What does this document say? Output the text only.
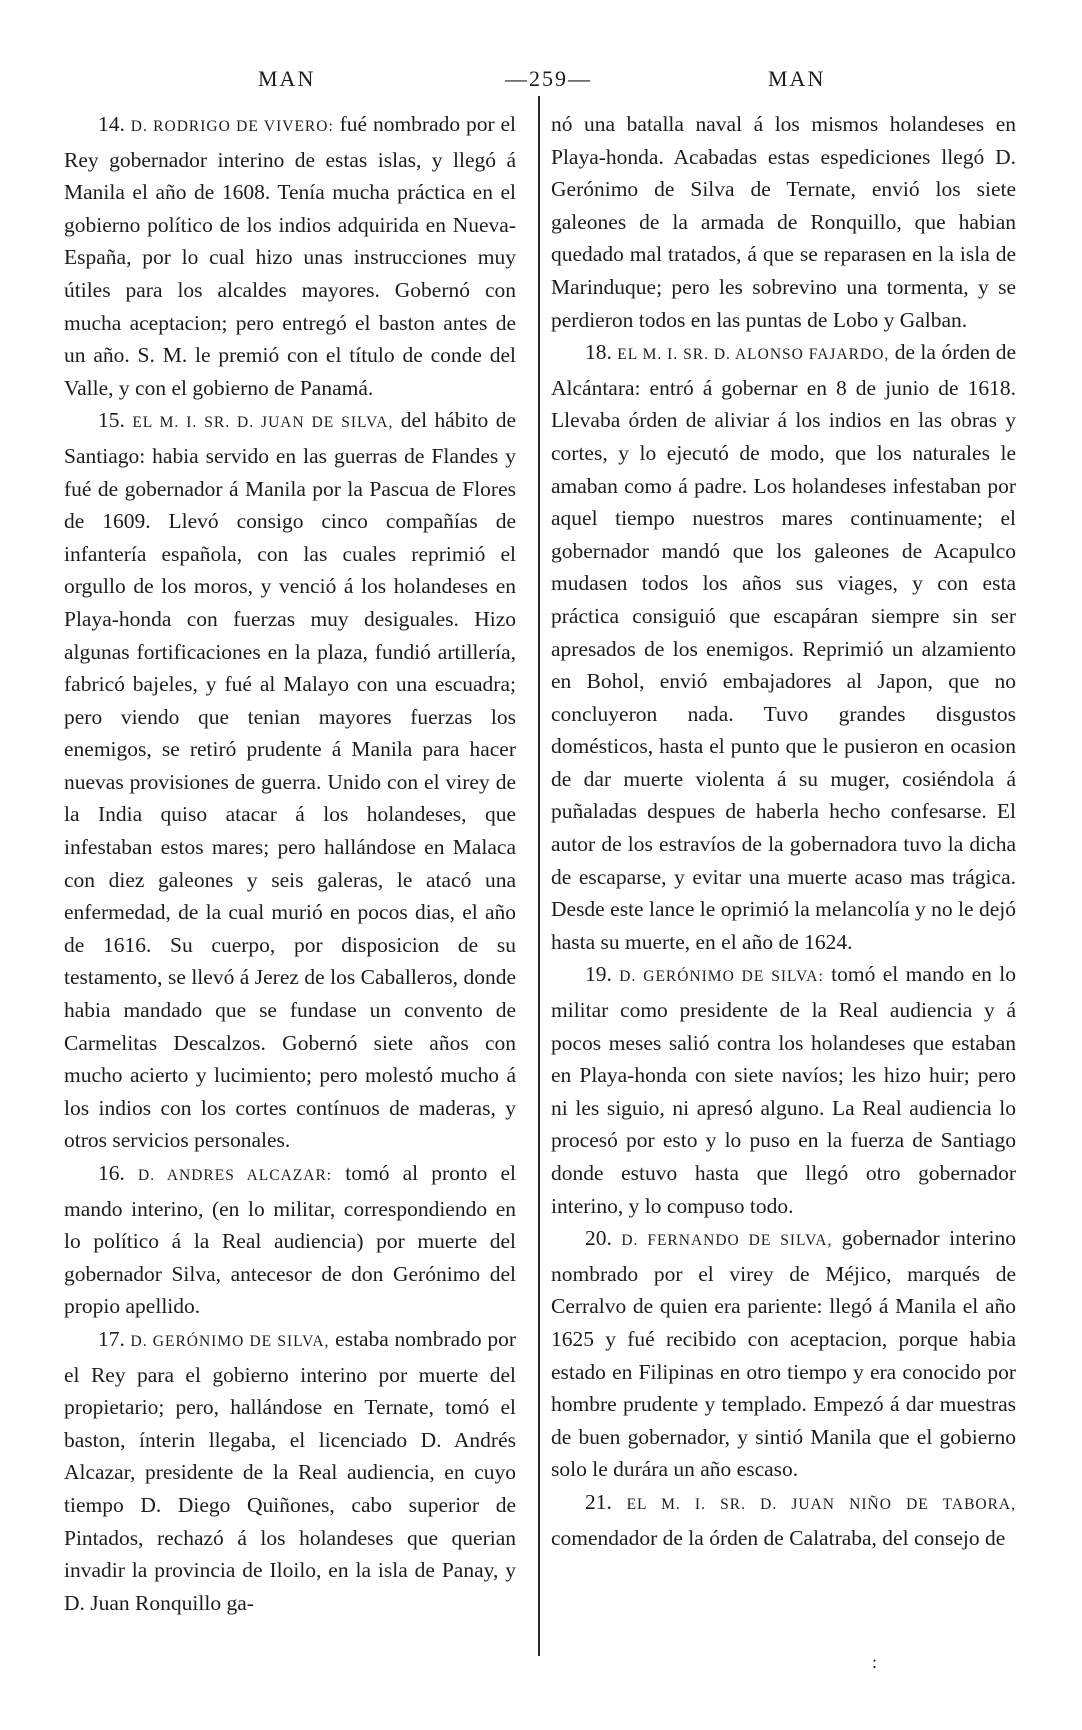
MAN	—259—	MAN

14. D. RODRIGO DE VIVERO: fué nombrado por el Rey gobernador interino de estas islas, y llegó á Manila el año de 1608. Tenía mucha práctica en el gobierno político de los indios adquirida en Nueva-España, por lo cual hizo unas instrucciones muy útiles para los alcaldes mayores. Gobernó con mucha aceptacion; pero entregó el baston antes de un año. S. M. le premió con el título de conde del Valle, y con el gobierno de Panamá.

15. EL M. I. SR. D. JUAN DE SILVA, del hábito de Santiago: habia servido en las guerras de Flandes y fué de gobernador á Manila por la Pascua de Flores de 1609. Llevó consigo cinco compañías de infantería española, con las cuales reprimió el orgullo de los moros, y venció á los holandeses en Playa-honda con fuerzas muy desiguales. Hizo algunas fortificaciones en la plaza, fundió artillería, fabricó bajeles, y fué al Malayo con una escuadra; pero viendo que tenian mayores fuerzas los enemigos, se retiró prudente á Manila para hacer nuevas provisiones de guerra. Unido con el virey de la India quiso atacar á los holandeses, que infestaban estos mares; pero hallándose en Malaca con diez galeones y seis galeras, le atacó una enfermedad, de la cual murió en pocos dias, el año de 1616. Su cuerpo, por disposicion de su testamento, se llevó á Jerez de los Caballeros, donde habia mandado que se fundase un convento de Carmelitas Descalzos. Gobernó siete años con mucho acierto y lucimiento; pero molestó mucho á los indios con los cortes contínuos de maderas, y otros servicios personales.

16. D. ANDRES ALCAZAR: tomó al pronto el mando interino, (en lo militar, correspondiendo en lo político á la Real audiencia) por muerte del gobernador Silva, antecesor de don Gerónimo del propio apellido.

17. D. GERÓNIMO DE SILVA, estaba nombrado por el Rey para el gobierno interino por muerte del propietario; pero, hallándose en Ternate, tomó el baston, ínterin llegaba, el licenciado D. Andrés Alcazar, presidente de la Real audiencia, en cuyo tiempo D. Diego Quiñones, cabo superior de Pintados, rechazó á los holandeses que querian invadir la provincia de Iloilo, en la isla de Panay, y D. Juan Ronquillo ga-

nó una batalla naval á los mismos holandeses en Playa-honda. Acabadas estas espediciones llegó D. Gerónimo de Silva de Ternate, envió los siete galeones de la armada de Ronquillo, que habian quedado mal tratados, á que se reparasen en la isla de Marinduque; pero les sobrevino una tormenta, y se perdieron todos en las puntas de Lobo y Galban.

18. EL M. I. SR. D. ALONSO FAJARDO, de la órden de Alcántara: entró á gobernar en 8 de junio de 1618. Llevaba órden de aliviar á los indios en las obras y cortes, y lo ejecutó de modo, que los naturales le amaban como á padre. Los holandeses infestaban por aquel tiempo nuestros mares continuamente; el gobernador mandó que los galeones de Acapulco mudasen todos los años sus viages, y con esta práctica consiguió que escapáran siempre sin ser apresados de los enemigos. Reprimió un alzamiento en Bohol, envió embajadores al Japon, que no concluyeron nada. Tuvo grandes disgustos domésticos, hasta el punto que le pusieron en ocasion de dar muerte violenta á su muger, cosiéndola á puñaladas despues de haberla hecho confesarse. El autor de los estravíos de la gobernadora tuvo la dicha de escaparse, y evitar una muerte acaso mas trágica. Desde este lance le oprimió la melancolía y no le dejó hasta su muerte, en el año de 1624.

19. D. GERÓNIMO DE SILVA: tomó el mando en lo militar como presidente de la Real audiencia y á pocos meses salió contra los holandeses que estaban en Playa-honda con siete navíos; les hizo huir; pero ni les siguio, ni apresó alguno. La Real audiencia lo procesó por esto y lo puso en la fuerza de Santiago donde estuvo hasta que llegó otro gobernador interino, y lo compuso todo.

20. D. FERNANDO DE SILVA, gobernador interino nombrado por el virey de Méjico, marqués de Cerralvo de quien era pariente: llegó á Manila el año 1625 y fué recibido con aceptacion, porque habia estado en Filipinas en otro tiempo y era conocido por hombre prudente y templado. Empezó á dar muestras de buen gobernador, y sintió Manila que el gobierno solo le durára un año escaso.

21. EL M. I. SR. D. JUAN NIÑO DE TABORA, comendador de la órden de Calatraba, del consejo de

:
